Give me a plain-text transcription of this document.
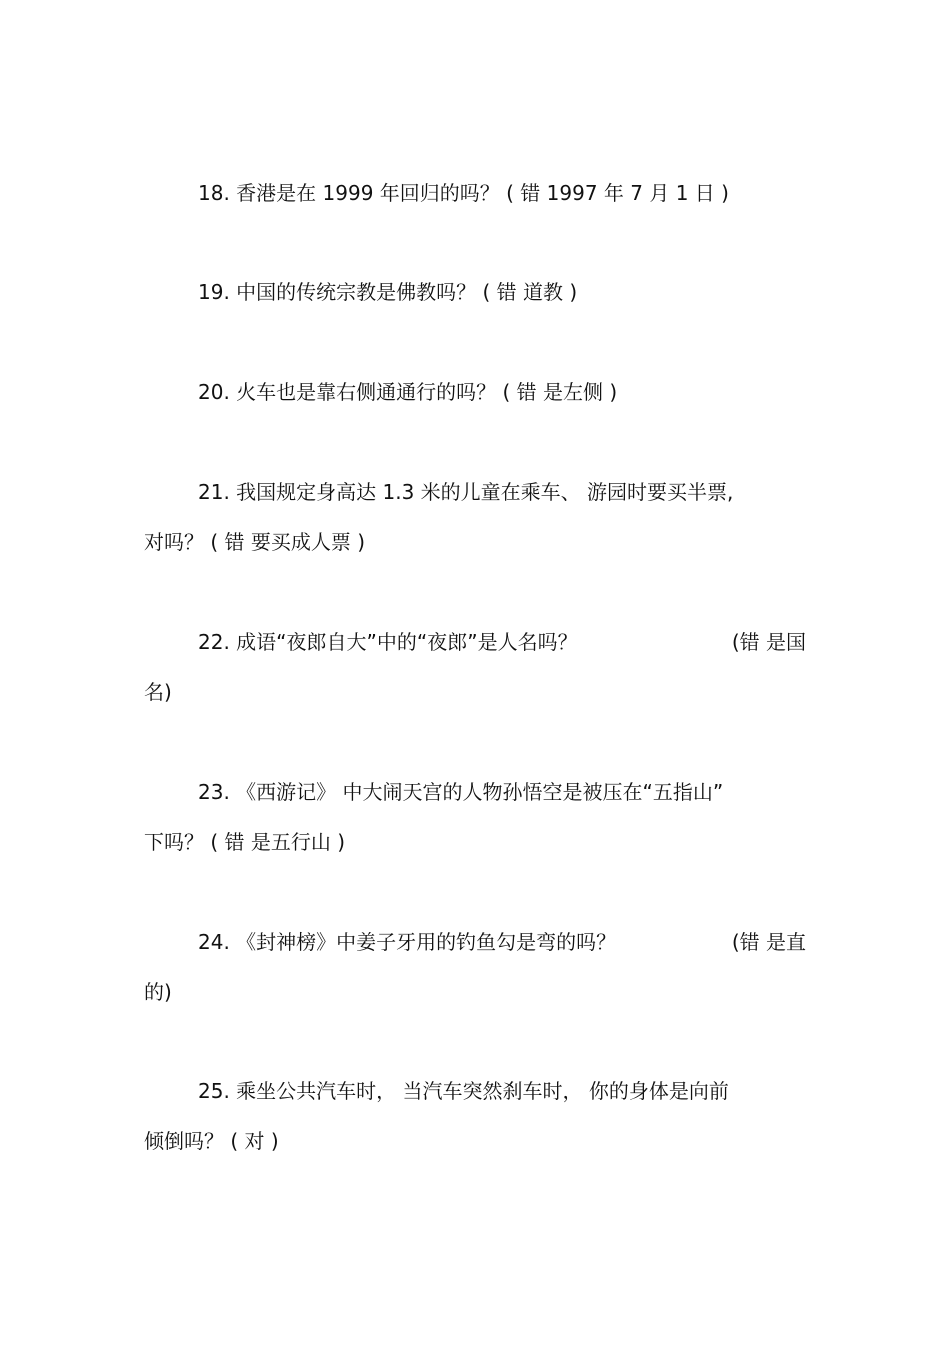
18. 香港是在 1999 年回归的吗？ ( 错 1997 年 7 月 1 日 )
19. 中国的传统宗教是佛教吗？ ( 错 道教 )
20. 火车也是靠右侧通通行的吗？ ( 错 是左侧 )
21. 我国规定身高达 1.3 米的儿童在乘车、 游园时要买半票,
对吗？ ( 错 要买成人票 )
22. 成语“夜郎自大”中的“夜郎”是人名吗？	(错 是国
名)
23. 《西游记》 中大闹天宫的人物孙悟空是被压在“五指山”
下吗？ ( 错 是五行山 )
24. 《封神榜》中姜子牙用的钓鱼勾是弯的吗？	(错 是直
的)
25. 乘坐公共汽车时， 当汽车突然刹车时， 你的身体是向前
倾倒吗？ ( 对 )
